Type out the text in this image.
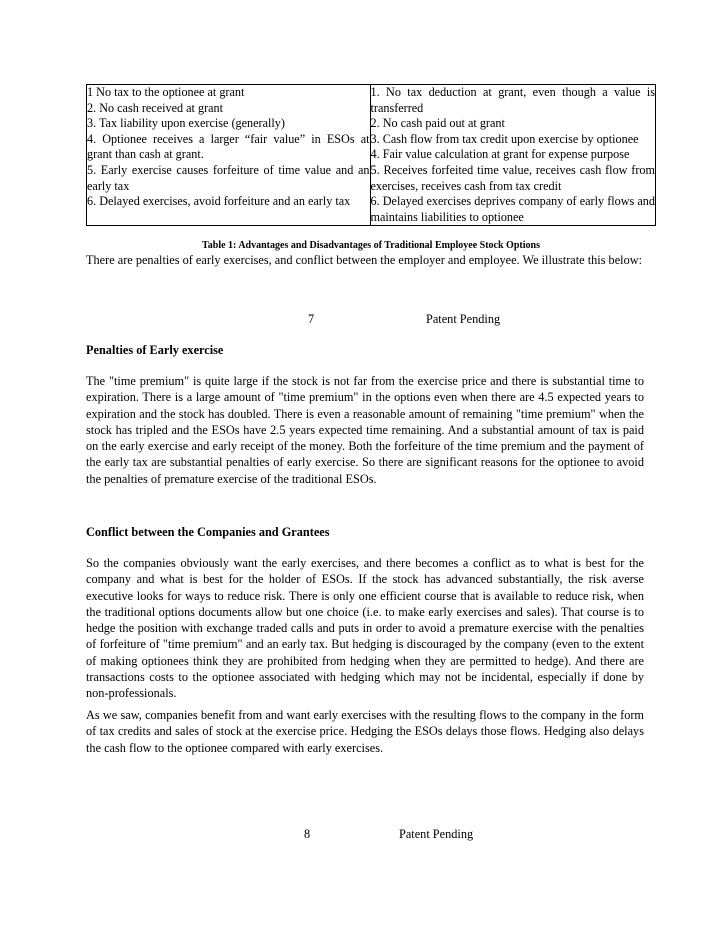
1 No tax to the optionee at grant
2. No cash received at grant
3. Tax liability upon exercise (generally)
4. Optionee receives a larger “fair value” in ESOs at grant than cash at grant.
5. Early exercise causes forfeiture of time value and an early tax
6. Delayed exercises, avoid forfeiture and an early tax

1. No tax deduction at grant, even though a value is transferred
2. No cash paid out at grant
3. Cash flow from tax credit upon exercise by optionee
4. Fair value calculation at grant for expense purpose
5. Receives forfeited time value, receives cash flow from exercises, receives cash from tax credit
6. Delayed exercises deprives company of early flows and maintains liabilities to optionee
Table 1: Advantages and Disadvantages of Traditional Employee Stock Options

There are penalties of early exercises, and conflict between the employer and employee. We illustrate this below:

7	Patent Pending

Penalties of Early exercise

The "time premium" is quite large if the stock is not far from the exercise price and there is substantial time to expiration. There is a large amount of "time premium" in the options even when there are 4.5 expected years to expiration and the stock has doubled. There is even a reasonable amount of remaining "time premium" when the stock has tripled and the ESOs have 2.5 years expected time remaining. And a substantial amount of tax is paid on the early exercise and early receipt of the money. Both the forfeiture of the time premium and the payment of the early tax are substantial penalties of early exercise. So there are significant reasons for the optionee to avoid the penalties of premature exercise of the traditional ESOs.

Conflict between the Companies and Grantees

So the companies obviously want the early exercises, and there becomes a conflict as to what is best for the company and what is best for the holder of ESOs. If the stock has advanced substantially, the risk averse executive looks for ways to reduce risk. There is only one efficient course that is available to reduce risk, when the traditional options documents allow but one choice (i.e. to make early exercises and sales). That course is to hedge the position with exchange traded calls and puts in order to avoid a premature exercise with the penalties of forfeiture of "time premium" and an early tax. But hedging is discouraged by the company (even to the extent of making optionees think they are prohibited from hedging when they are permitted to hedge). And there are transactions costs to the optionee associated with hedging which may not be incidental, especially if done by non-professionals.

As we saw, companies benefit from and want early exercises with the resulting flows to the company in the form of tax credits and sales of stock at the exercise price. Hedging the ESOs delays those flows. Hedging also delays the cash flow to the optionee compared with early exercises.

8	Patent Pending
